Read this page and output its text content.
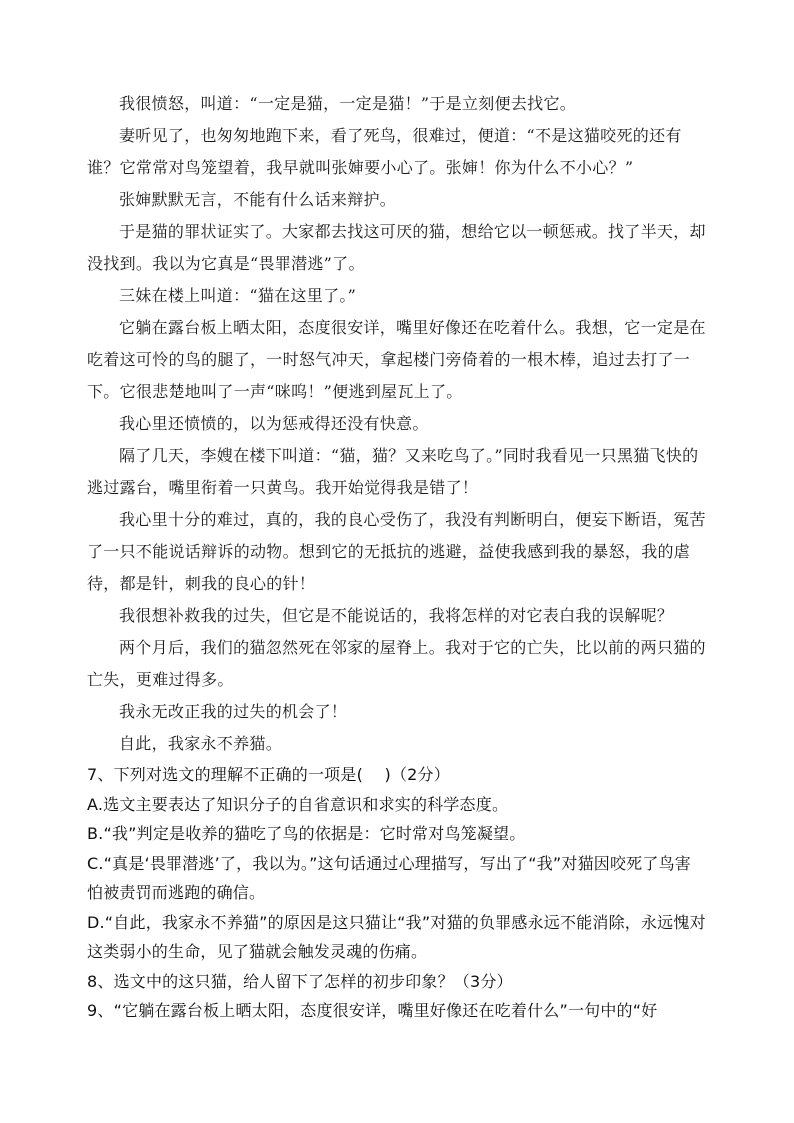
我很愤怒，叫道：“一定是猫，一定是猫！”于是立刻便去找它。

妻听见了，也匆匆地跑下来，看了死鸟，很难过，便道：“不是这猫咬死的还有谁？它常常对鸟笼望着，我早就叫张婶要小心了。张婶！你为什么不小心？”

张婶默默无言，不能有什么话来辩护。

于是猫的罪状证实了。大家都去找这可厌的猫，想给它以一顿惩戒。找了半天，却没找到。我以为它真是“畏罪潜逃”了。

三妹在楼上叫道：“猫在这里了。”

它躺在露台板上晒太阳，态度很安详，嘴里好像还在吃着什么。我想，它一定是在吃着这可怜的鸟的腿了，一时怒气冲天，拿起楼门旁倚着的一根木棒，追过去打了一下。它很悲楚地叫了一声“咪呜！”便逃到屋瓦上了。

我心里还愤愤的，以为惩戒得还没有快意。

隔了几天，李嫂在楼下叫道：“猫，猫？又来吃鸟了。”同时我看见一只黑猫飞快的逃过露台，嘴里衔着一只黄鸟。我开始觉得我是错了！

我心里十分的难过，真的，我的良心受伤了，我没有判断明白，便妄下断语，冤苦了一只不能说话辩诉的动物。想到它的无抵抗的逃避，益使我感到我的暴怒，我的虐待，都是针，刺我的良心的针！

我很想补救我的过失，但它是不能说话的，我将怎样的对它表白我的误解呢？

两个月后，我们的猫忽然死在邻家的屋脊上。我对于它的亡失，比以前的两只猫的亡失，更难过得多。

我永无改正我的过失的机会了！

自此，我家永不养猫。

7、下列对选文的理解不正确的一项是(　 )（2分）

A.选文主要表达了知识分子的自省意识和求实的科学态度。

B.“我”判定是收养的猫吃了鸟的依据是：它时常对鸟笼凝望。

C.“真是‘畏罪潜逃’了，我以为。”这句话通过心理描写，写出了“我”对猫因咬死了鸟害怕被责罚而逃跑的确信。

D.“自此，我家永不养猫”的原因是这只猫让“我”对猫的负罪感永远不能消除，永远愧对这类弱小的生命，见了猫就会触发灵魂的伤痛。

8、选文中的这只猫，给人留下了怎样的初步印象？（3分）

9、“它躺在露台板上晒太阳，态度很安详，嘴里好像还在吃着什么”一句中的“好
